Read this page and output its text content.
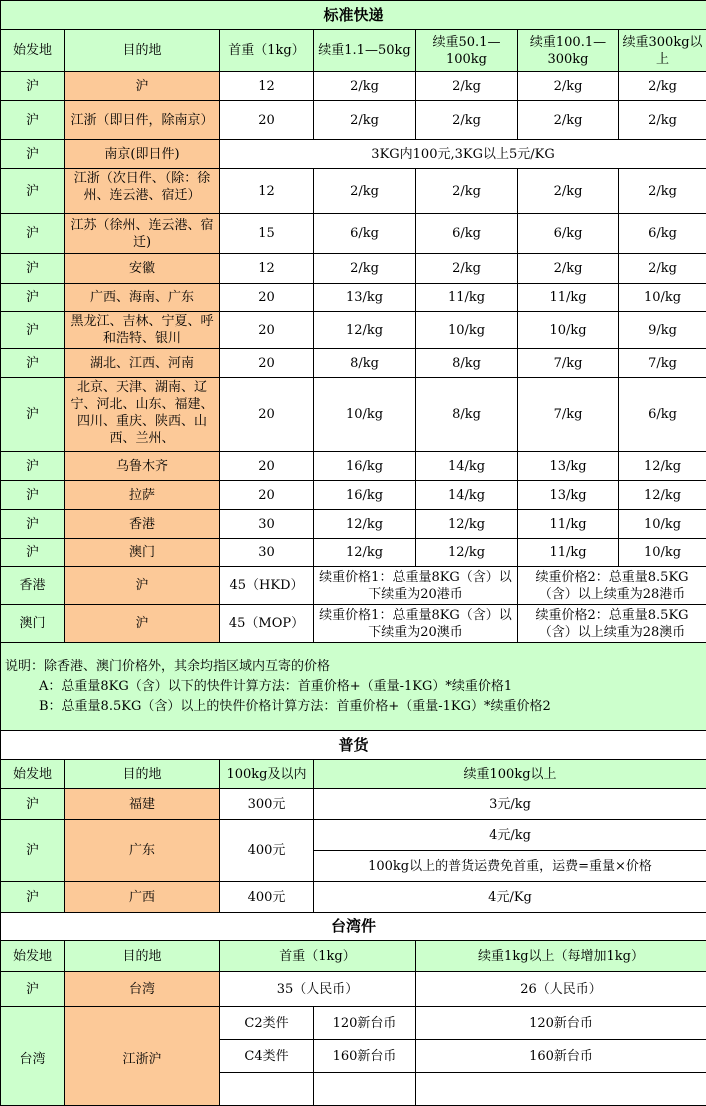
标准快递						
始发地	目的地	首重（1kg）	续重1.1—50kg	续重50.1—100kg	续重100.1—300kg	续重300kg以上
沪	沪	12	2/kg	2/kg	2/kg	2/kg
沪	江浙（即日件，除南京）	20	2/kg	2/kg	2/kg	2/kg
沪	南京(即日件)	3KG内100元,3KG以上5元/KG				
沪	江浙（次日件、（除：徐州、连云港、宿迁）	12	2/kg	2/kg	2/kg	2/kg
沪	江苏（徐州、连云港、宿迁)	15	6/kg	6/kg	6/kg	6/kg
沪	安徽	12	2/kg	2/kg	2/kg	2/kg
沪	广西、海南、广东	20	13/kg	11/kg	11/kg	10/kg
沪	黑龙江、吉林、宁夏、呼和浩特、银川	20	12/kg	10/kg	10/kg	9/kg
沪	湖北、江西、河南	20	8/kg	8/kg	7/kg	7/kg
沪	北京、天津、湖南、辽宁、河北、山东、福建、四川、重庆、陕西、山西、兰州、	20	10/kg	8/kg	7/kg	6/kg
沪	乌鲁木齐	20	16/kg	14/kg	13/kg	12/kg
沪	拉萨	20	16/kg	14/kg	13/kg	12/kg
沪	香港	30	12/kg	12/kg	11/kg	10/kg
沪	澳门	30	12/kg	12/kg	11/kg	10/kg
香港	沪	45（HKD）	续重价格1：总重量8KG（含）以下续重为20港币		续重价格2：总重量8.5KG（含）以上续重为28港币	
澳门	沪	45（MOP）	续重价格1：总重量8KG（含）以下续重为20澳币		续重价格2：总重量8.5KG（含）以上续重为28澳币	

说明：除香港、澳门价格外，其余均指区域内互寄的价格
A：总重量8KG（含）以下的快件计算方法：首重价格+（重量-1KG）*续重价格1
B：总重量8.5KG（含）以上的快件价格计算方法：首重价格+（重量-1KG）*续重价格2						

普货						
始发地	目的地	100kg及以内	续重100kg以上			
沪	福建	300元	3元/kg			
沪	广东	400元	4元/kg			
			100kg以上的普货运费免首重，运费=重量×价格			
沪	广西	400元	4元/Kg			
台湾件						
始发地	目的地	首重（1kg）		续重1kg以上（每增加1kg）		
沪	台湾	35（人民币）		26（人民币）		

台湾	江浙沪	C2类件	120新台币	120新台币		
		C4类件	160新台币	160新台币		
